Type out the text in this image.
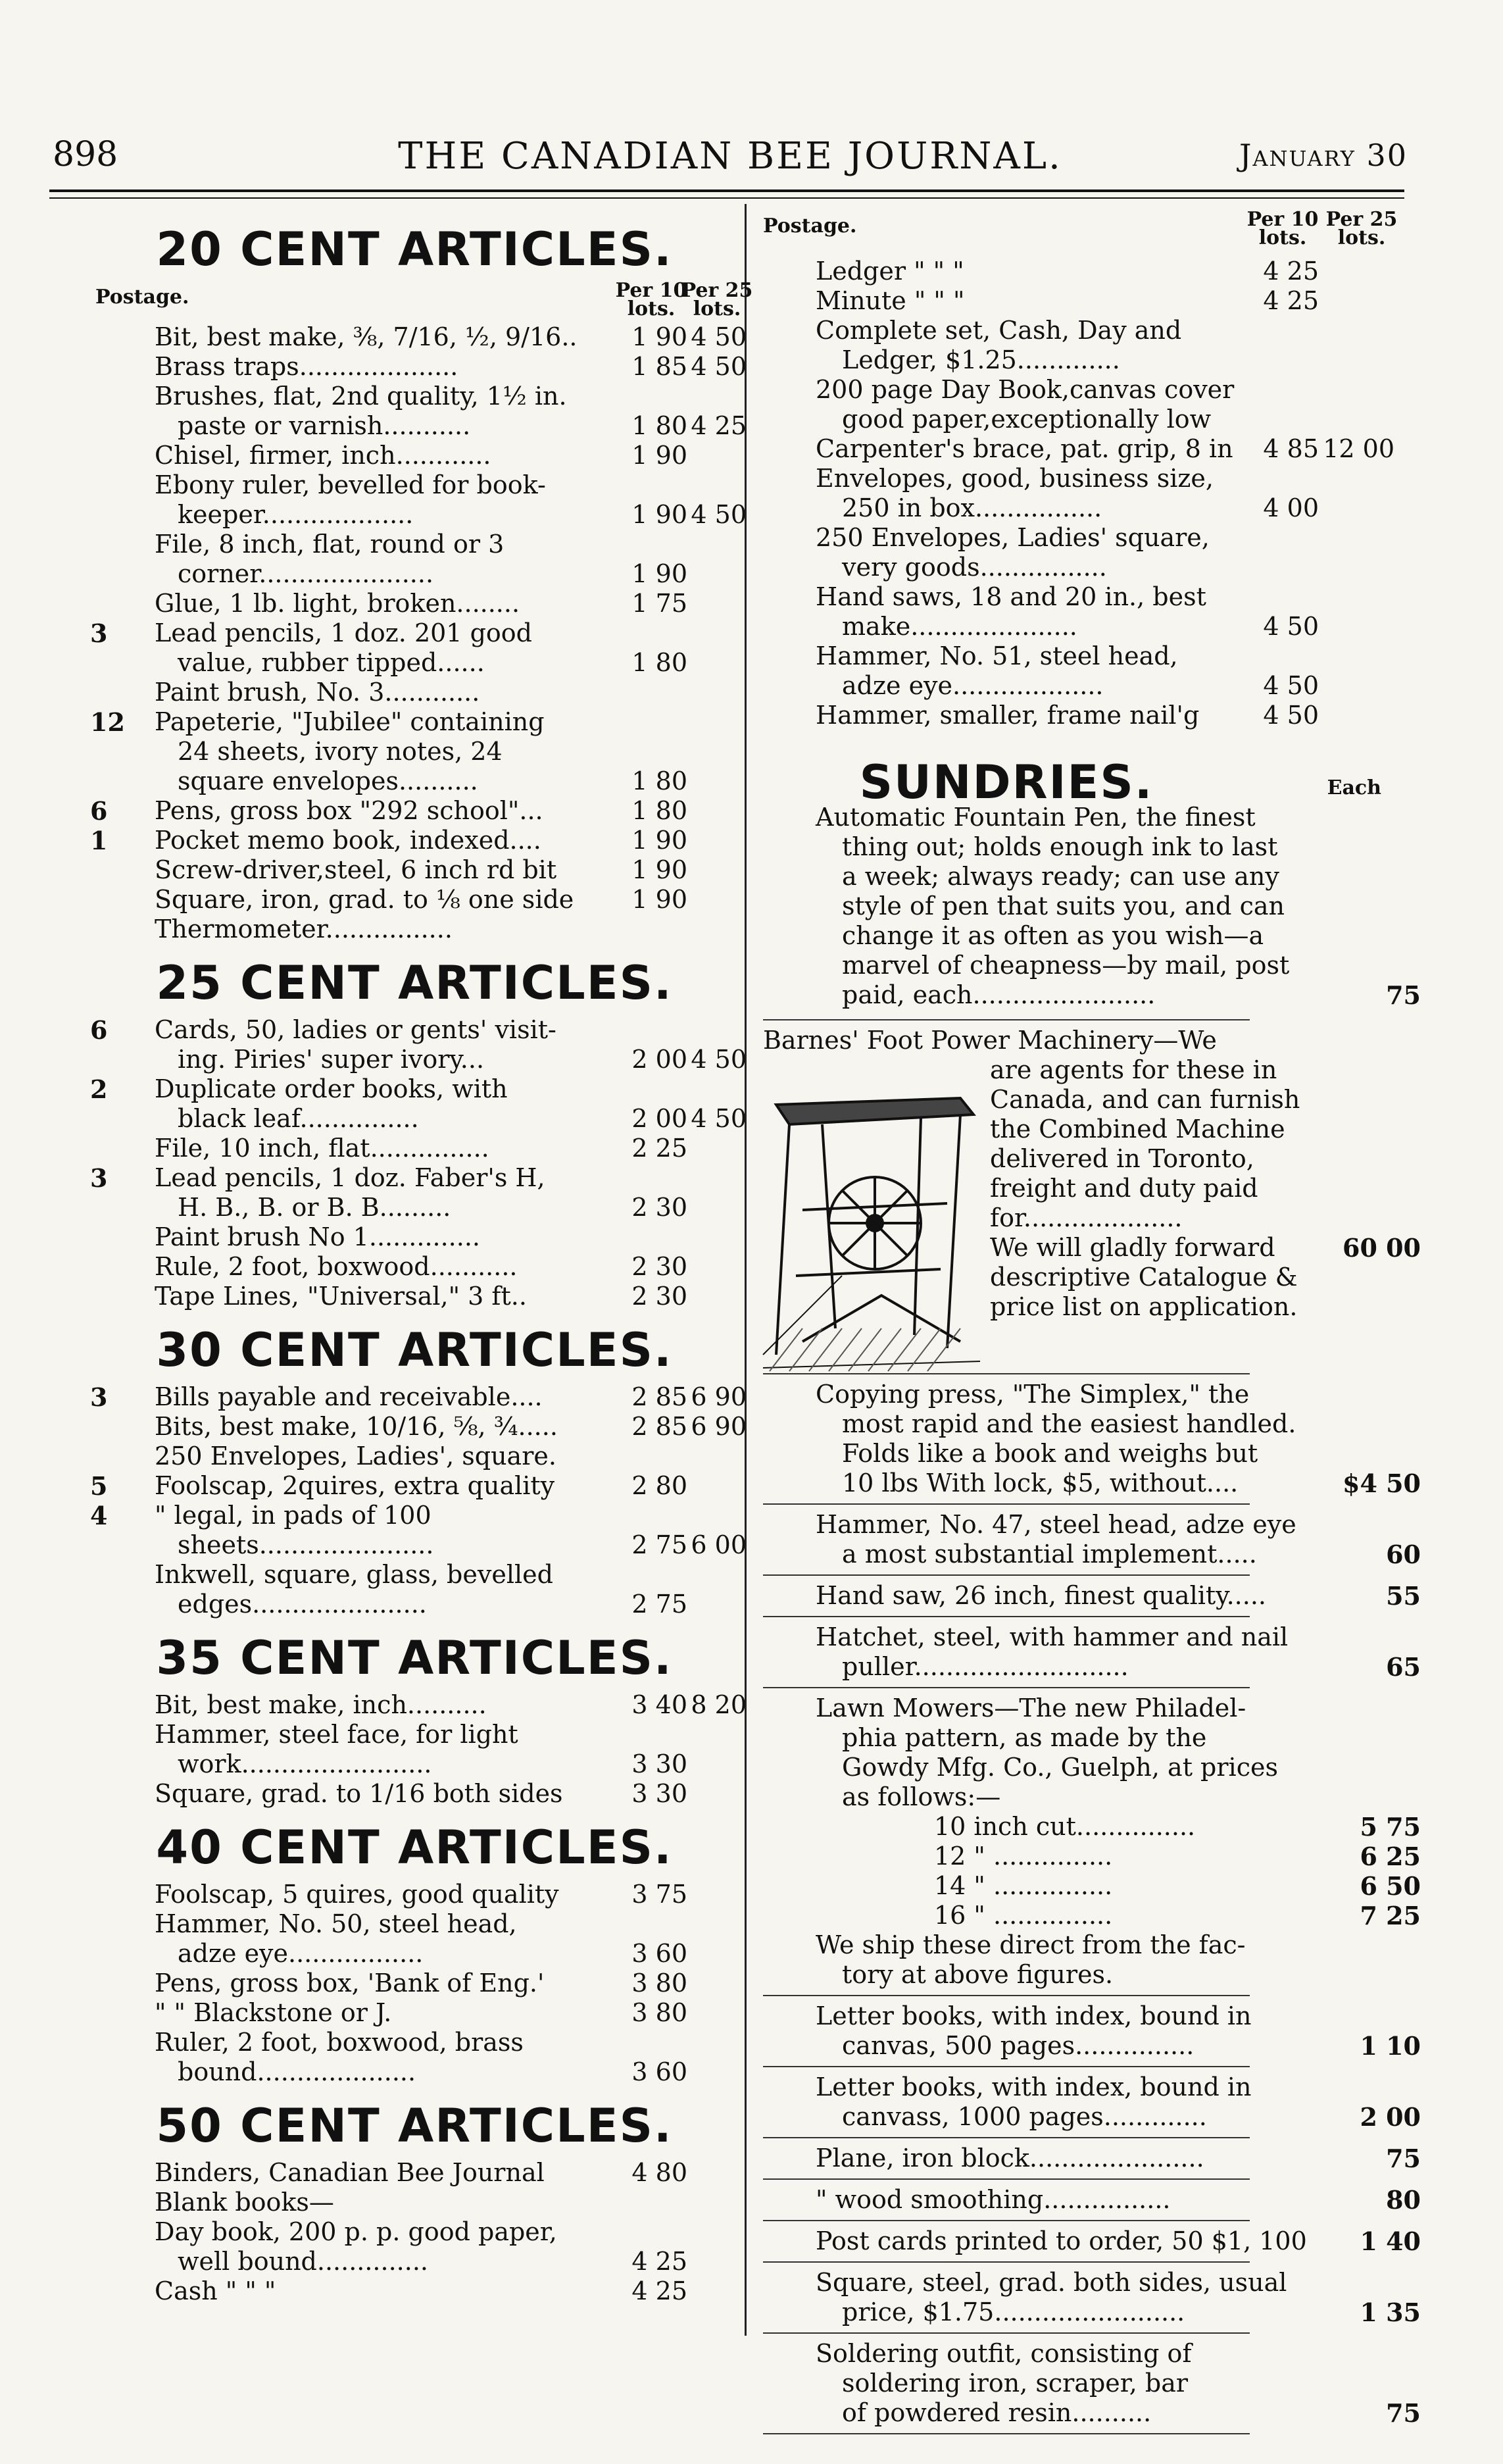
898	THE CANADIAN BEE JOURNAL.	January 30
20 CENT ARTICLES.
Postage.	Per 10 lots.
Per 25 lots.
Bit, best make, ⅜, 7/16, ½, 9/16..	1 90 4 50
Brass traps....................	1 85 4 50
Brushes, flat, 2nd quality, 1½ in.
paste or varnish...........	1 80 4 25
Chisel, firmer, inch............	1 90
Ebony ruler, bevelled for book-
keeper...................	1 90 4 50
File, 8 inch, flat, round or 3
corner......................	1 90
Glue, 1 lb. light, broken........	1 75
3	Lead pencils, 1 doz. 201 good
value, rubber tipped......	1 80
Paint brush, No. 3............
12	Papeterie, "Jubilee" containing
24 sheets, ivory notes, 24
square envelopes..........	1 80
6	Pens, gross box "292 school"...	1 80
1	Pocket memo book, indexed....	1 90
Screw-driver,steel, 6 inch rd bit	1 90
Square, iron, grad. to ⅛ one side	1 90
Thermometer................
25 CENT ARTICLES.
6	Cards, 50, ladies or gents' visit-
ing. Piries' super ivory...	2 00 4 50
2	Duplicate order books, with
black leaf...............	2 00 4 50
File, 10 inch, flat...............	2 25
3	Lead pencils, 1 doz. Faber's H,
H. B., B. or B. B.........	2 30
Paint brush No 1..............
Rule, 2 foot, boxwood...........	2 30
Tape Lines, "Universal," 3 ft..	2 30
30 CENT ARTICLES.
3	Bills payable and receivable....	2 85 6 90
Bits, best make, 10/16, ⅝, ¾.....	2 85 6 90
250 Envelopes, Ladies', square.
5	Foolscap, 2quires, extra quality	2 80
4	" legal, in pads of 100
sheets......................	2 75 6 00
Inkwell, square, glass, bevelled
edges......................	2 75
35 CENT ARTICLES.
Bit, best make, inch..........	3 40 8 20
Hammer, steel face, for light
work........................	3 30
Square, grad. to 1/16 both sides	3 30
40 CENT ARTICLES.
Foolscap, 5 quires, good quality	3 75
Hammer, No. 50, steel head,
adze eye.................	3 60
Pens, gross box, 'Bank of Eng.'	3 80
" " Blackstone or J.	3 80
Ruler, 2 foot, boxwood, brass
bound....................	3 60
50 CENT ARTICLES.
Binders, Canadian Bee Journal	4 80
Blank books—
Day book, 200 p. p. good paper,
well bound..............	4 25
Cash " " "	4 25
Postage.	Per 10 lots.
Per 25 lots.
Ledger " " "	4 25
Minute " " "	4 25
Complete set, Cash, Day and
Ledger, $1.25.............
200 page Day Book,canvas cover
good paper,exceptionally low
Carpenter's brace, pat. grip, 8 in	4 85 12 00
Envelopes, good, business size,
250 in box................	4 00
250 Envelopes, Ladies' square,
very goods................
Hand saws, 18 and 20 in., best
make.....................	4 50
Hammer, No. 51, steel head,
adze eye...................	4 50
Hammer, smaller, frame nail'g	4 50
SUNDRIES.	Each
Automatic Fountain Pen, the finest
thing out; holds enough ink to last
a week; always ready; can use any
style of pen that suits you, and can
change it as often as you wish—a
marvel of cheapness—by mail, post
paid, each.......................	75
Barnes' Foot Power Machinery—We
are agents for these in
Canada, and can furnish
the Combined Machine
delivered in Toronto,
freight and duty paid
for....................
We will gladly forward
descriptive Catalogue &
price list on application.
60 00
Copying press, "The Simplex," the
most rapid and the easiest handled.
Folds like a book and weighs but
10 lbs With lock, $5, without....	$4 50
Hammer, No. 47, steel head, adze eye
a most substantial implement.....	60
Hand saw, 26 inch, finest quality.....	55
Hatchet, steel, with hammer and nail
puller...........................	65
Lawn Mowers—The new Philadel-
phia pattern, as made by the
Gowdy Mfg. Co., Guelph, at prices
as follows:—
10 inch cut...............	5 75
12 " ...............	6 25
14 " ...............	6 50
16 " ...............	7 25
We ship these direct from the fac-
tory at above figures.
Letter books, with index, bound in
canvas, 500 pages...............	1 10
Letter books, with index, bound in
canvass, 1000 pages.............	2 00
Plane, iron block......................	75
" wood smoothing................	80
Post cards printed to order, 50 $1, 100	1 40
Square, steel, grad. both sides, usual
price, $1.75........................	1 35
Soldering outfit, consisting of
soldering iron, scraper, bar
of powdered resin..........	75
